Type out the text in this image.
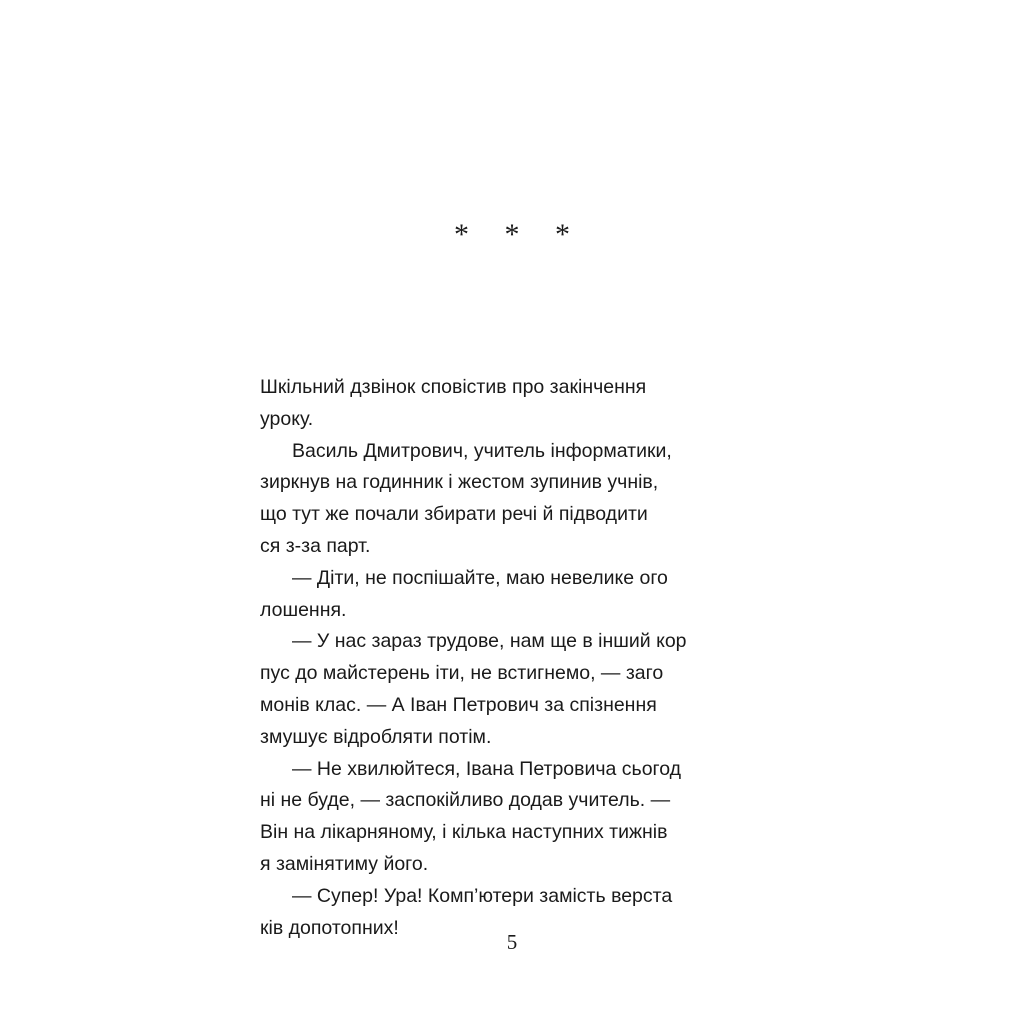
* * *
Шкільний дзвінок сповістив про закінчення
уроку.
Василь Дмитрович, учитель інформатики,
зиркнув на годинник і жестом зупинив учнів,
що тут же почали збирати речі й підводити
ся з-за парт.
— Діти, не поспішайте, маю невелике ого
лошення.
— У нас зараз трудове, нам ще в інший кор
пус до майстерень іти, не встигнемо, — заго
монів клас. — А Іван Петрович за спізнення
змушує відробляти потім.
— Не хвилюйтеся, Івана Петровича сьогод
ні не буде, — заспокійливо додав учитель. —
Він на лікарняному, і кілька наступних тижнів
я замінятиму його.
— Супер! Ура! Комп’ютери замість верста
ків допотопних!
5
